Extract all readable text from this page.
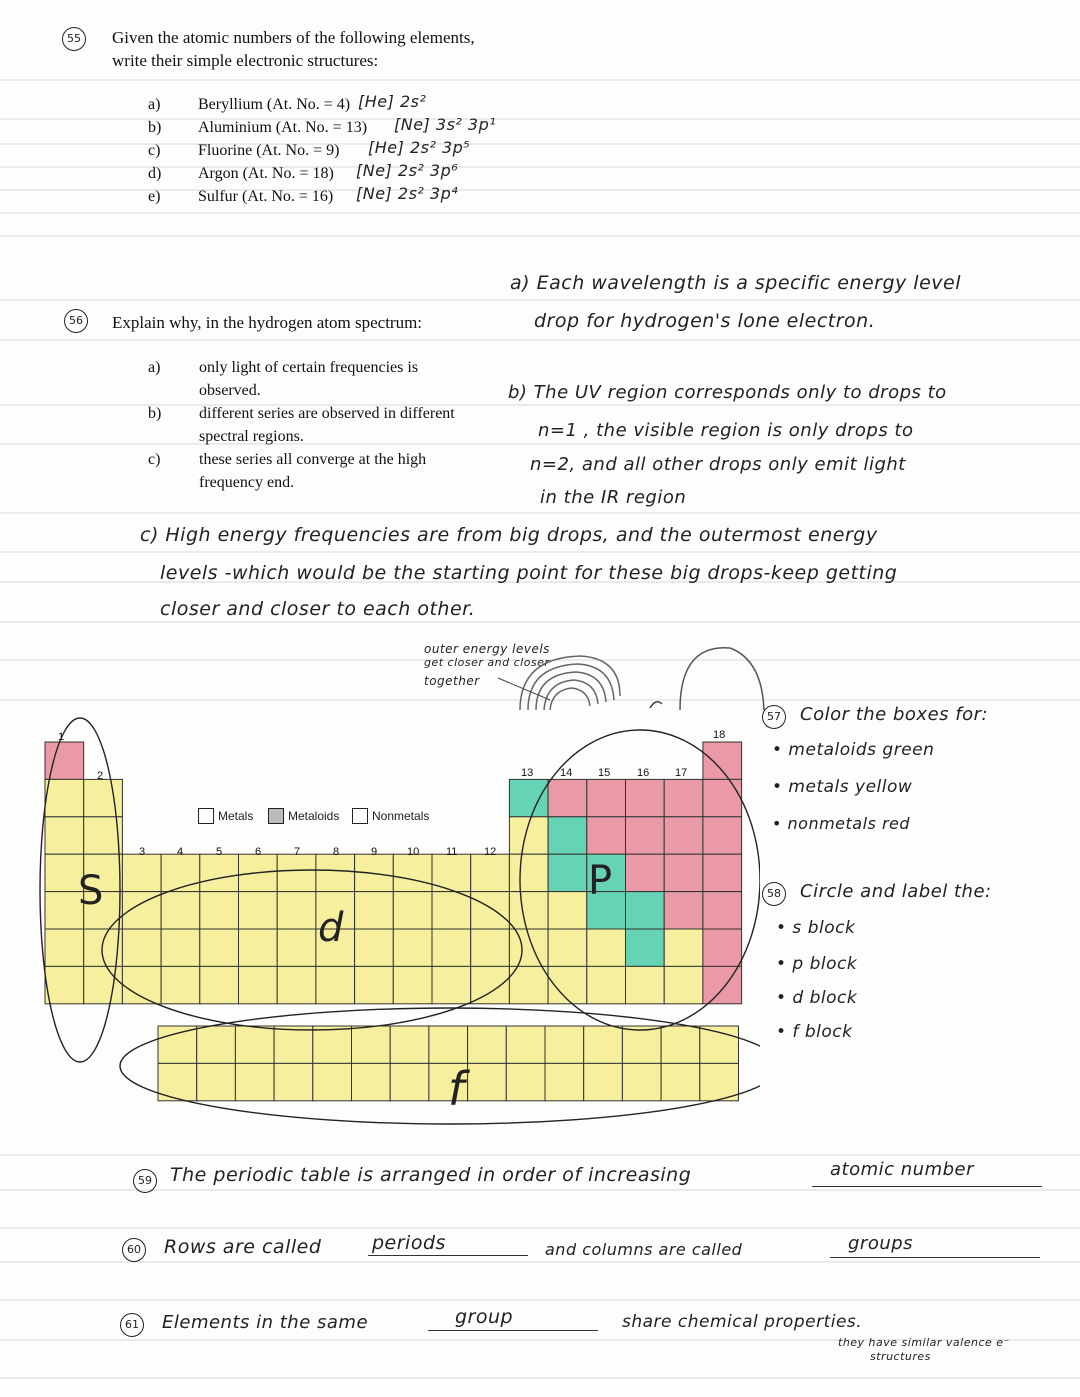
55 Given the atomic numbers of the following elements,
write their simple electronic structures:
a) Beryllium (At. No. = 4) [He] 2s²
b) Aluminium (At. No. = 13) [Ne] 3s² 3p¹
c) Fluorine (At. No. = 9) [He] 2s² 3p⁵
d) Argon (At. No. = 18) [Ne] 2s² 3p⁶
e) Sulfur (At. No. = 16) [Ne] 2s² 3p⁴
56 Explain why, in the hydrogen atom spectrum:
a) Each wavelength is a specific energy level
drop for hydrogen's lone electron.
a) only light of certain frequencies is
observed.
b) different series are observed in different
spectral regions.
c) these series all converge at the high
frequency end.
b) The UV region corresponds only to drops to
n=1 , the visible region is only drops to
n=2, and all other drops only emit light
in the IR region
c) High energy frequencies are from big drops, and the outermost energy
levels -which would be the starting point for these big drops-keep getting
closer and closer to each other.
outer energy levels
get closer and closer
together
57 Color the boxes for:
• metaloids green
• metals yellow
• nonmetals red
58 Circle and label the:
• s block
• p block
• d block
• f block
1
2
3	4	5	6	7	8	9	10 11 12
13 14 15 16 17
18
Metals	Metaloids	Nonmetals
S
d
P
f
59 The periodic table is arranged in order of increasing	atomic number
60 Rows are called	periods	and columns are called	groups
61 Elements in the same	group	share chemical properties.
they have similar valence e⁻
structures
